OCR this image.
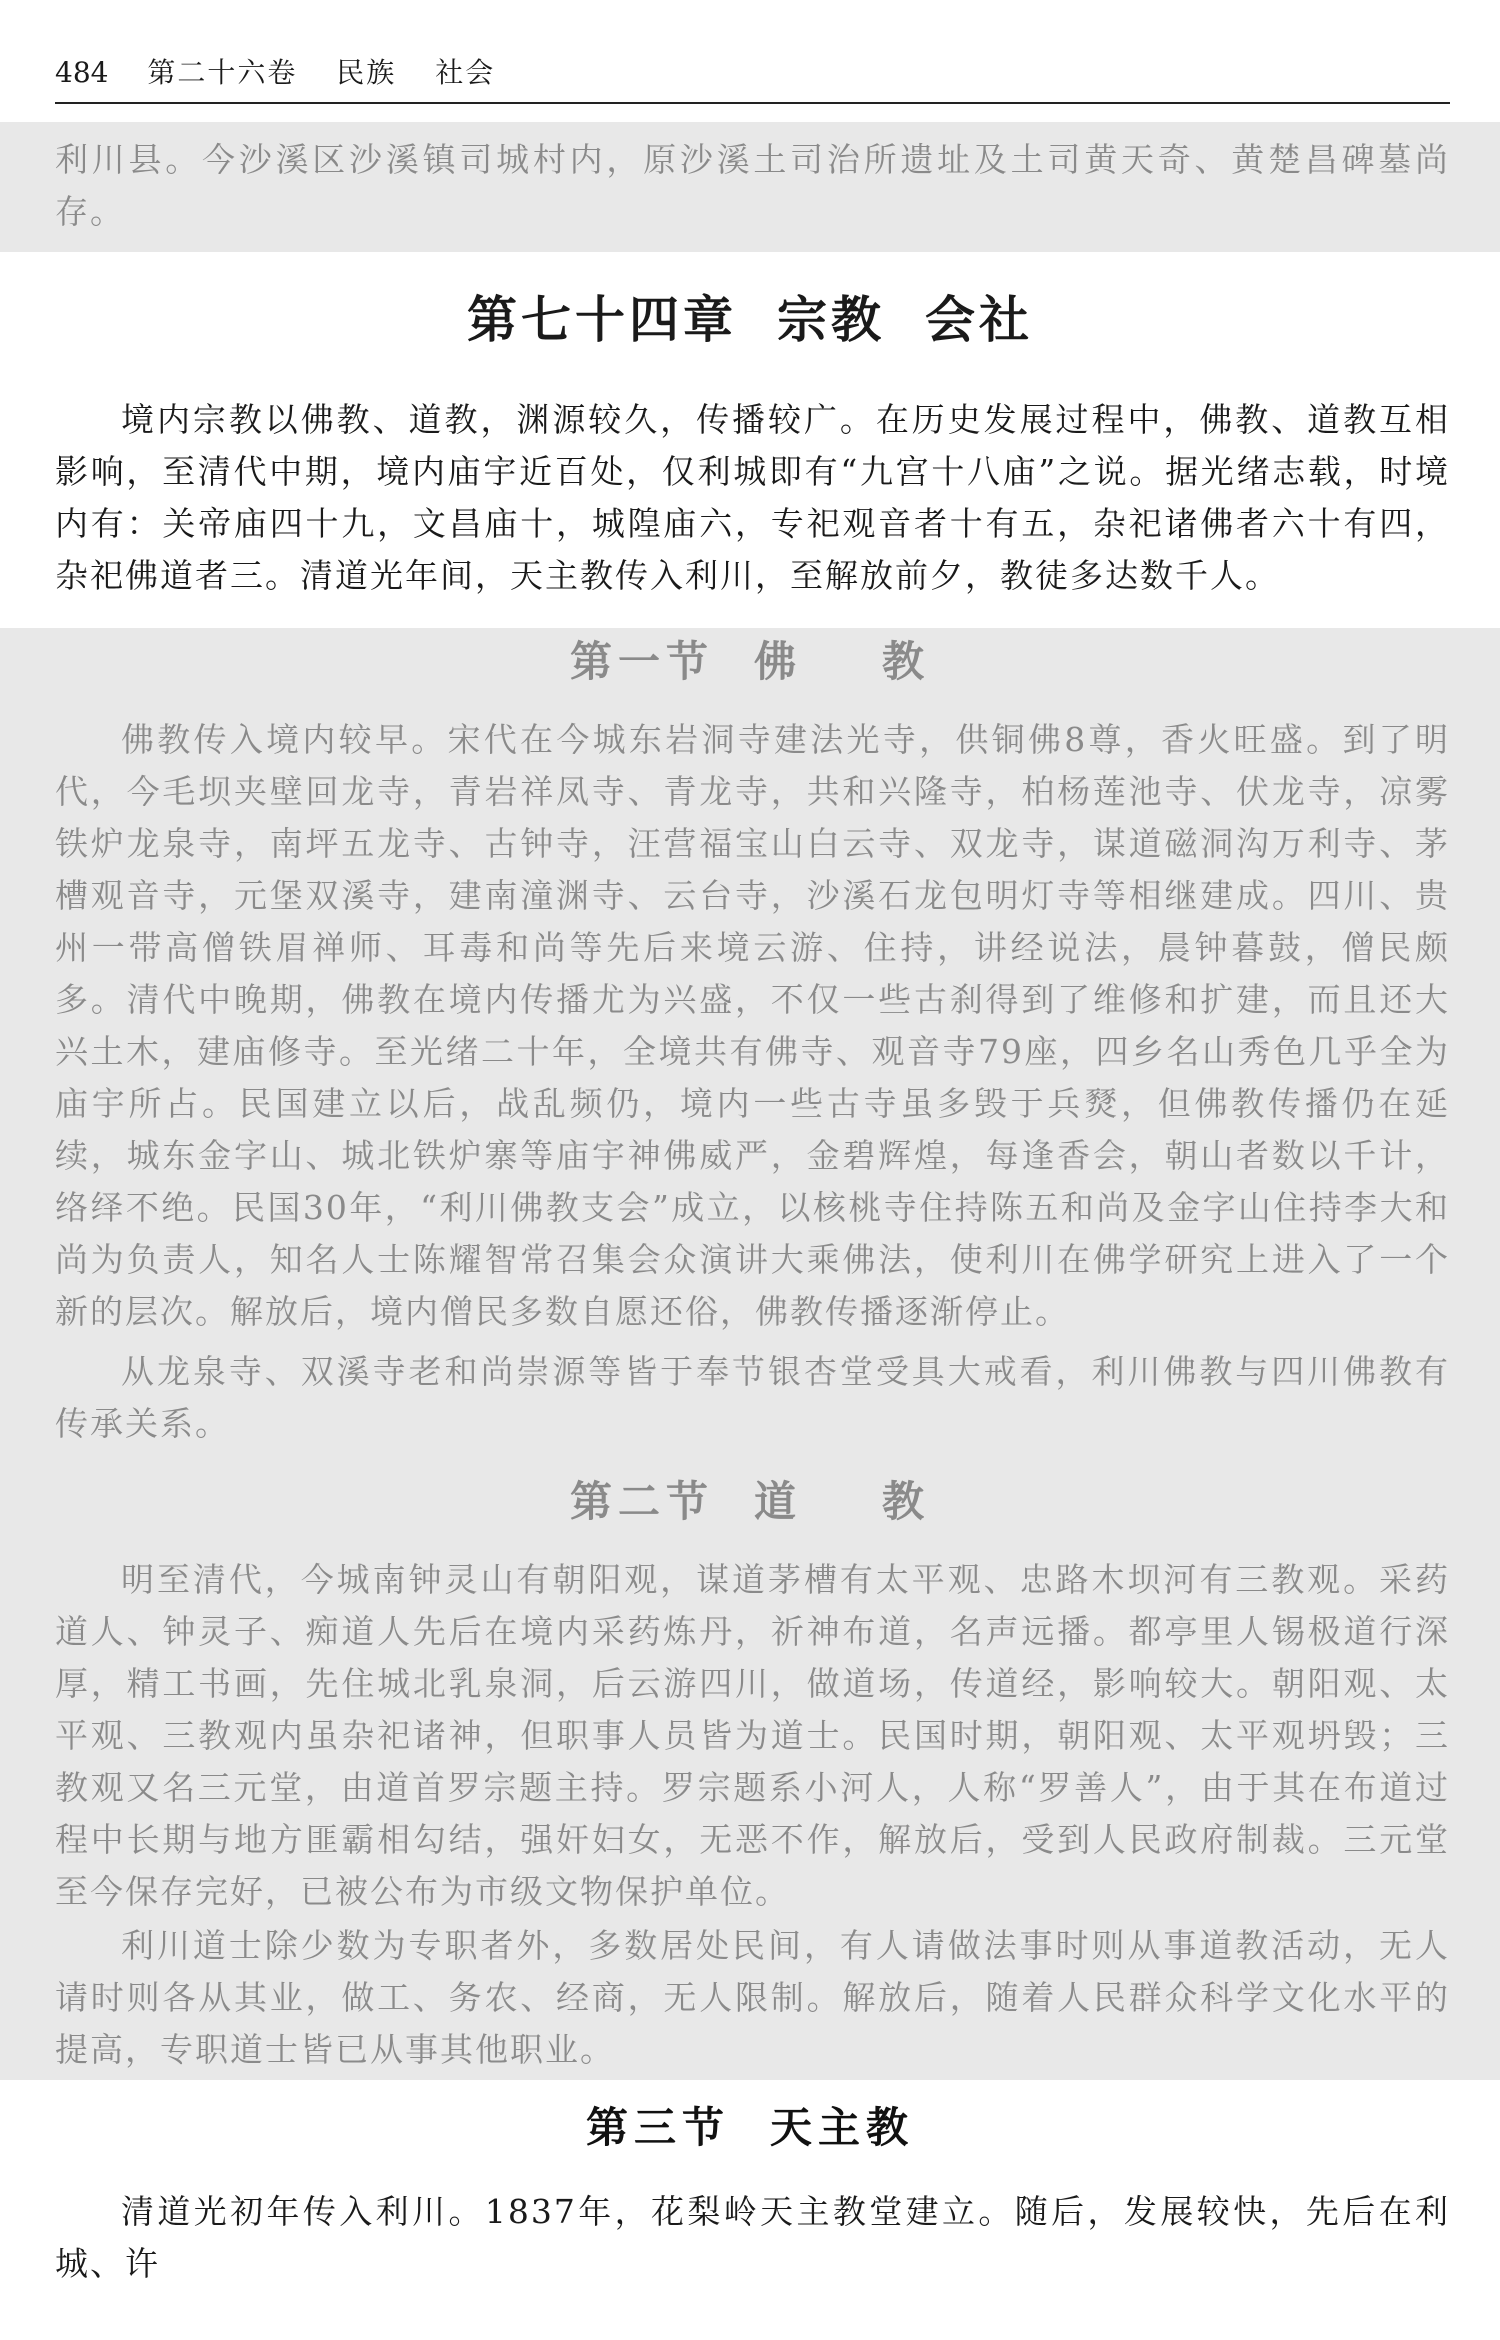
484 第二十六卷 民族 社会

利川县。今沙溪区沙溪镇司城村内，原沙溪土司治所遗址及土司黄天奇、黄楚昌碑墓尚存。

第七十四章 宗教 会社

境内宗教以佛教、道教，渊源较久，传播较广。在历史发展过程中，佛教、道教互相影响，至清代中期，境内庙宇近百处，仅利城即有“九宫十八庙”之说。据光绪志载，时境内有：关帝庙四十九，文昌庙十，城隍庙六，专祀观音者十有五，杂祀诸佛者六十有四，杂祀佛道者三。清道光年间，天主教传入利川，至解放前夕，教徒多达数千人。

第一节 佛 教

佛教传入境内较早。宋代在今城东岩洞寺建法光寺，供铜佛8尊，香火旺盛。到了明代，今毛坝夹壁回龙寺，青岩祥凤寺、青龙寺，共和兴隆寺，柏杨莲池寺、伏龙寺，凉雾铁炉龙泉寺，南坪五龙寺、古钟寺，汪营福宝山白云寺、双龙寺，谋道磁洞沟万利寺、茅槽观音寺，元堡双溪寺，建南潼渊寺、云台寺，沙溪石龙包明灯寺等相继建成。四川、贵州一带高僧铁眉禅师、耳毒和尚等先后来境云游、住持，讲经说法，晨钟暮鼓，僧民颇多。清代中晚期，佛教在境内传播尤为兴盛，不仅一些古刹得到了维修和扩建，而且还大兴土木，建庙修寺。至光绪二十年，全境共有佛寺、观音寺79座，四乡名山秀色几乎全为庙宇所占。民国建立以后，战乱频仍，境内一些古寺虽多毁于兵燹，但佛教传播仍在延续，城东金字山、城北铁炉寨等庙宇神佛威严，金碧辉煌，每逢香会，朝山者数以千计，络绎不绝。民国30年，“利川佛教支会”成立，以核桃寺住持陈五和尚及金字山住持李大和尚为负责人，知名人士陈耀智常召集会众演讲大乘佛法，使利川在佛学研究上进入了一个新的层次。解放后，境内僧民多数自愿还俗，佛教传播逐渐停止。

从龙泉寺、双溪寺老和尚崇源等皆于奉节银杏堂受具大戒看，利川佛教与四川佛教有传承关系。

第二节 道 教

明至清代，今城南钟灵山有朝阳观，谋道茅槽有太平观、忠路木坝河有三教观。采药道人、钟灵子、痴道人先后在境内采药炼丹，祈神布道，名声远播。都亭里人锡极道行深厚，精工书画，先住城北乳泉洞，后云游四川，做道场，传道经，影响较大。朝阳观、太平观、三教观内虽杂祀诸神，但职事人员皆为道士。民国时期，朝阳观、太平观坍毁；三教观又名三元堂，由道首罗宗题主持。罗宗题系小河人，人称“罗善人”，由于其在布道过程中长期与地方匪霸相勾结，强奸妇女，无恶不作，解放后，受到人民政府制裁。三元堂至今保存完好，已被公布为市级文物保护单位。

利川道士除少数为专职者外，多数居处民间，有人请做法事时则从事道教活动，无人请时则各从其业，做工、务农、经商，无人限制。解放后，随着人民群众科学文化水平的提高，专职道士皆已从事其他职业。

第三节 天主教

清道光初年传入利川。1837年，花梨岭天主教堂建立。随后，发展较快，先后在利城、许
